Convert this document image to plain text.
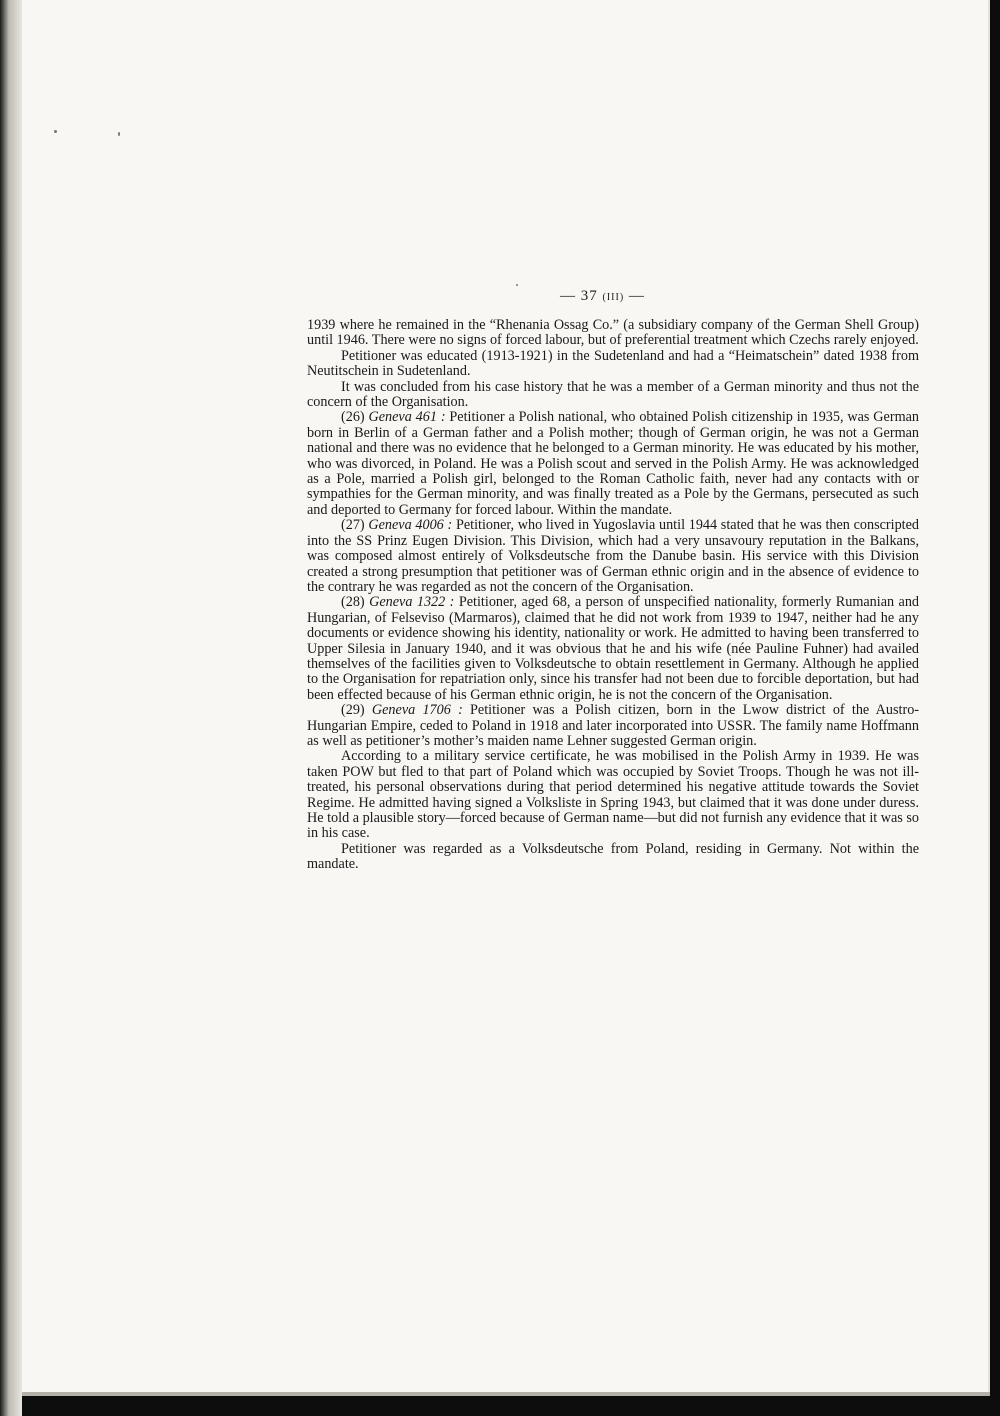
— 37 (III) —

1939 where he remained in the “Rhenania Ossag Co.” (a subsidiary company of the German Shell Group) until 1946. There were no signs of forced labour, but of preferential treatment which Czechs rarely enjoyed.

Petitioner was educated (1913-1921) in the Sudetenland and had a “Heimatschein” dated 1938 from Neutitschein in Sudetenland.

It was concluded from his case history that he was a member of a German minority and thus not the concern of the Organisation.

(26) Geneva 461 : Petitioner a Polish national, who obtained Polish citizenship in 1935, was German born in Berlin of a German father and a Polish mother; though of German origin, he was not a German national and there was no evidence that he belonged to a German minority. He was educated by his mother, who was divorced, in Poland. He was a Polish scout and served in the Polish Army. He was acknowledged as a Pole, married a Polish girl, belonged to the Roman Catholic faith, never had any contacts with or sympathies for the German minority, and was finally treated as a Pole by the Germans, persecuted as such and deported to Germany for forced labour. Within the mandate.

(27) Geneva 4006 : Petitioner, who lived in Yugoslavia until 1944 stated that he was then conscripted into the SS Prinz Eugen Division. This Division, which had a very unsavoury reputation in the Balkans, was composed almost entirely of Volksdeutsche from the Danube basin. His service with this Division created a strong presumption that petitioner was of German ethnic origin and in the absence of evidence to the contrary he was regarded as not the concern of the Organisation.

(28) Geneva 1322 : Petitioner, aged 68, a person of unspecified nationality, formerly Rumanian and Hungarian, of Felseviso (Marmaros), claimed that he did not work from 1939 to 1947, neither had he any documents or evidence showing his identity, nationality or work. He admitted to having been transferred to Upper Silesia in January 1940, and it was obvious that he and his wife (née Pauline Fuhner) had availed themselves of the facilities given to Volksdeutsche to obtain resettlement in Germany. Although he applied to the Organisation for repatriation only, since his transfer had not been due to forcible deportation, but had been effected because of his German ethnic origin, he is not the concern of the Organisation.

(29) Geneva 1706 : Petitioner was a Polish citizen, born in the Lwow district of the Austro-Hungarian Empire, ceded to Poland in 1918 and later incorporated into USSR. The family name Hoffmann as well as petitioner’s mother’s maiden name Lehner suggested German origin.

According to a military service certificate, he was mobilised in the Polish Army in 1939. He was taken POW but fled to that part of Poland which was occupied by Soviet Troops. Though he was not ill-treated, his personal observations during that period determined his negative attitude towards the Soviet Regime. He admitted having signed a Volksliste in Spring 1943, but claimed that it was done under duress. He told a plausible story—forced because of German name—but did not furnish any evidence that it was so in his case.

Petitioner was regarded as a Volksdeutsche from Poland, residing in Germany. Not within the mandate.
